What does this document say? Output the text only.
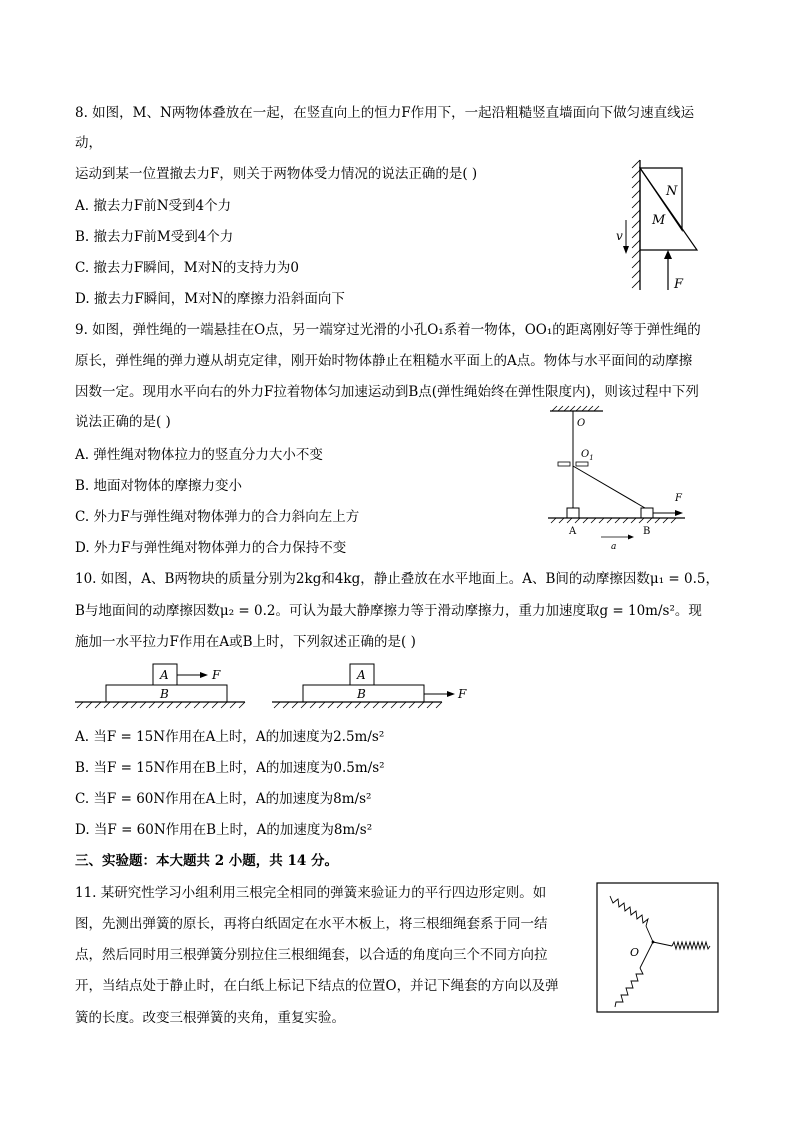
8. 如图，M、N两物体叠放在一起，在竖直向上的恒力F作用下，一起沿粗糙竖直墙面向下做匀速直线运
动，
运动到某一位置撤去力F，则关于两物体受力情况的说法正确的是( )
A. 撤去力F前N受到4个力
B. 撤去力F前M受到4个力
C. 撤去力F瞬间，M对N的支持力为0
D. 撤去力F瞬间，M对N的摩擦力沿斜面向下
N
M
v
F
9. 如图，弹性绳的一端悬挂在O点，另一端穿过光滑的小孔O₁系着一物体，OO₁的距离刚好等于弹性绳的
原长，弹性绳的弹力遵从胡克定律，刚开始时物体静止在粗糙水平面上的A点。物体与水平面间的动摩擦
因数一定。现用水平向右的外力F拉着物体匀加速运动到B点(弹性绳始终在弹性限度内)，则该过程中下列
说法正确的是( )
A. 弹性绳对物体拉力的竖直分力大小不变
B. 地面对物体的摩擦力变小
C. 外力F与弹性绳对物体弹力的合力斜向左上方
D. 外力F与弹性绳对物体弹力的合力保持不变
O
$O_1$
F
A	B
a
10. 如图，A、B两物块的质量分别为2kg和4kg，静止叠放在水平地面上。A、B间的动摩擦因数μ₁ = 0.5，
B与地面间的动摩擦因数μ₂ = 0.2。可认为最大静摩擦力等于滑动摩擦力，重力加速度取g = 10m/s²。现
施加一水平拉力F作用在A或B上时，下列叙述正确的是( )
A	F
B
A
B	F
A. 当F = 15N作用在A上时，A的加速度为2.5m/s²
B. 当F = 15N作用在B上时，A的加速度为0.5m/s²
C. 当F = 60N作用在A上时，A的加速度为8m/s²
D. 当F = 60N作用在B上时，A的加速度为8m/s²
三、实验题：本大题共 2 小题，共 14 分。
11. 某研究性学习小组利用三根完全相同的弹簧来验证力的平行四边形定则。如
图，先测出弹簧的原长，再将白纸固定在水平木板上，将三根细绳套系于同一结
点，然后同时用三根弹簧分别拉住三根细绳套，以合适的角度向三个不同方向拉
开，当结点处于静止时，在白纸上标记下结点的位置O，并记下绳套的方向以及弹
簧的长度。改变三根弹簧的夹角，重复实验。
O
